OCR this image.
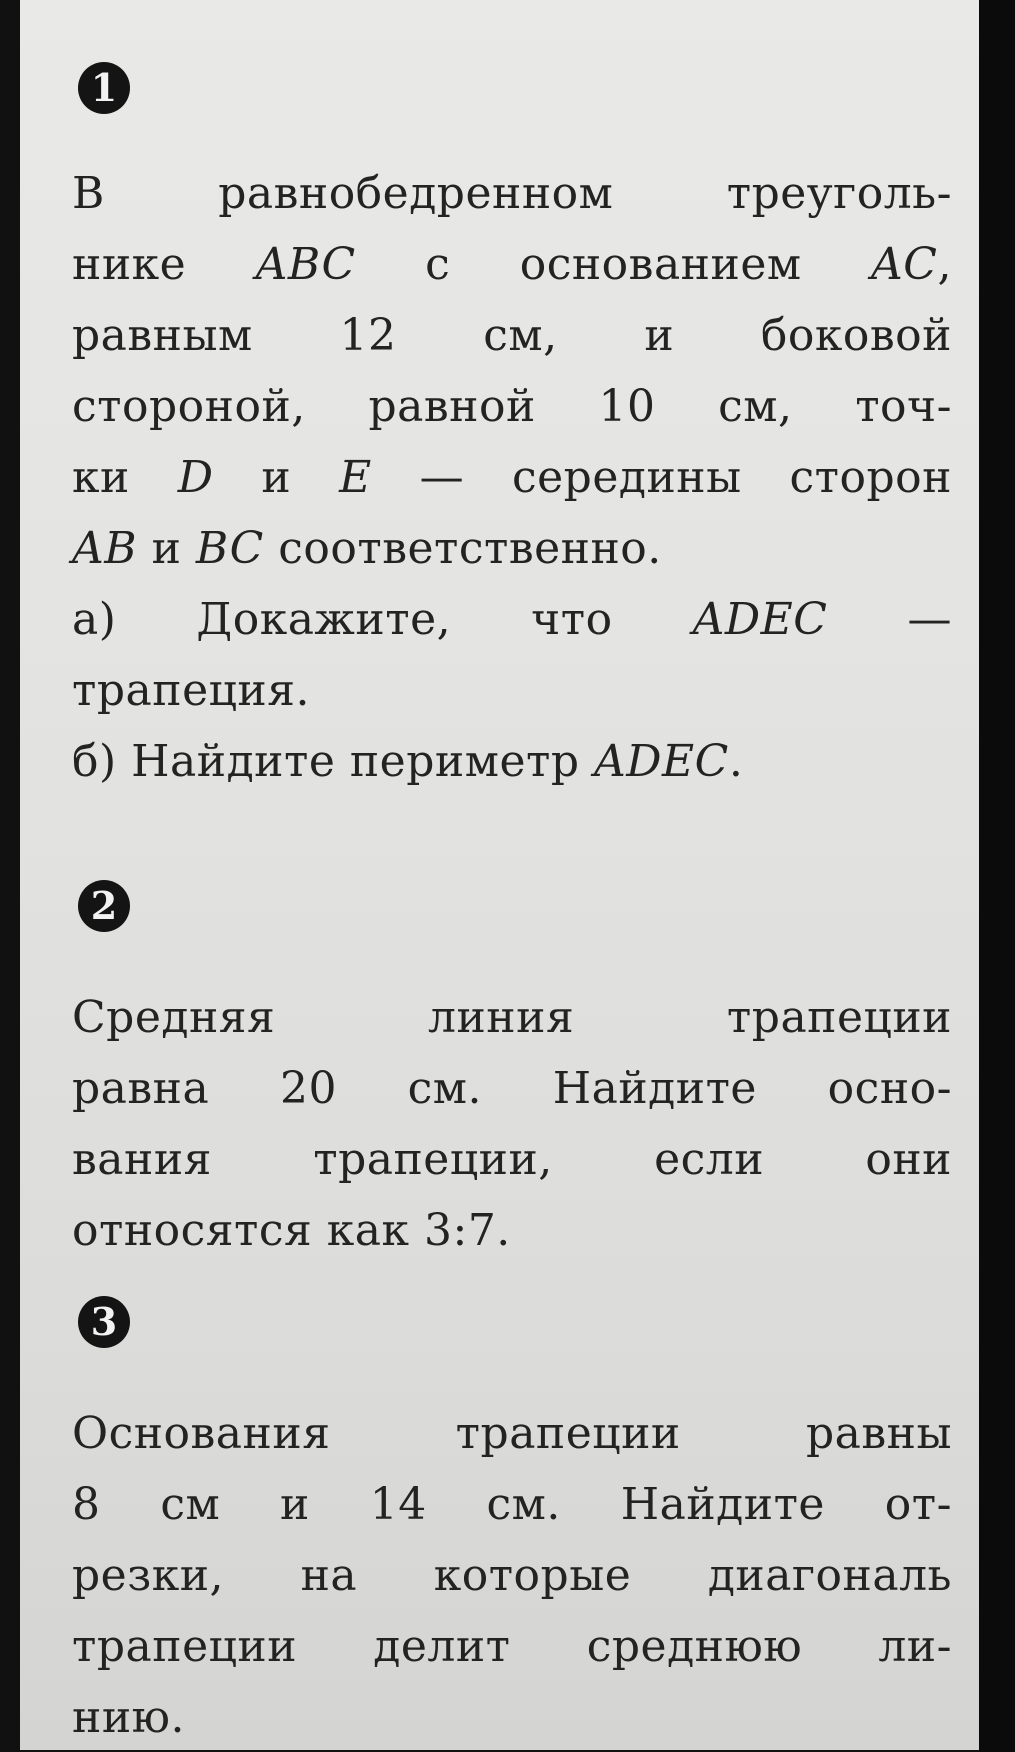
1
В равнобедренном треуголь-
нике ABC с основанием AC,
равным 12 см, и боковой
стороной, равной 10 см, точ-
ки D и E — середины сторон
AB и BC соответственно.
а) Докажите, что ADEC —
трапеция.
б) Найдите периметр ADEC.
2
Средняя линия трапеции
равна 20 см. Найдите осно-
вания трапеции, если они
относятся как 3:7.
3
Основания трапеции равны
8 см и 14 см. Найдите от-
резки, на которые диагональ
трапеции делит среднюю ли-
нию.
